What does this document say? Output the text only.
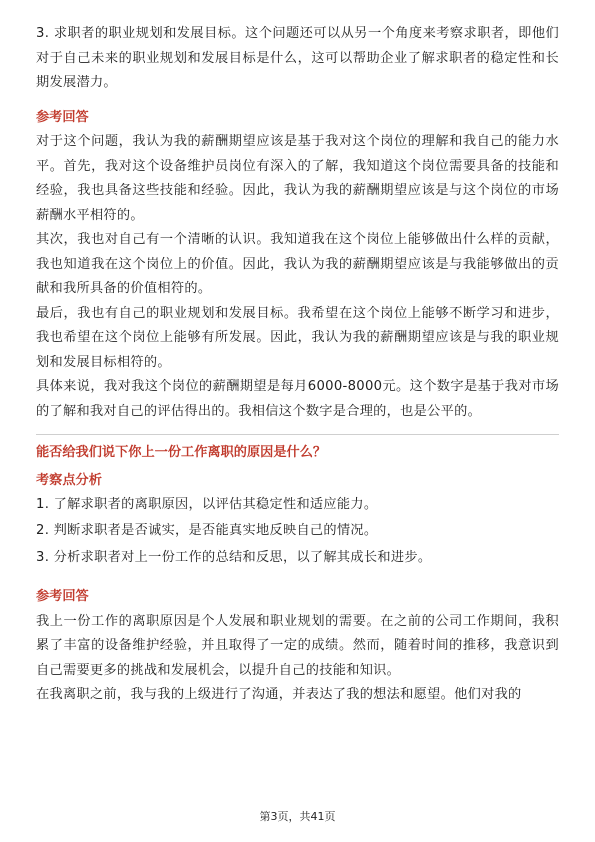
3. 求职者的职业规划和发展目标。这个问题还可以从另一个角度来考察求职者，即他们对于自己未来的职业规划和发展目标是什么，这可以帮助企业了解求职者的稳定性和长期发展潜力。

参考回答

对于这个问题，我认为我的薪酬期望应该是基于我对这个岗位的理解和我自己的能力水平。首先，我对这个设备维护员岗位有深入的了解，我知道这个岗位需要具备的技能和经验，我也具备这些技能和经验。因此，我认为我的薪酬期望应该是与这个岗位的市场薪酬水平相符的。

其次，我也对自己有一个清晰的认识。我知道我在这个岗位上能够做出什么样的贡献，我也知道我在这个岗位上的价值。因此，我认为我的薪酬期望应该是与我能够做出的贡献和我所具备的价值相符的。

最后，我也有自己的职业规划和发展目标。我希望在这个岗位上能够不断学习和进步，我也希望在这个岗位上能够有所发展。因此，我认为我的薪酬期望应该是与我的职业规划和发展目标相符的。

具体来说，我对我这个岗位的薪酬期望是每月6000-8000元。这个数字是基于我对市场的了解和我对自己的评估得出的。我相信这个数字是合理的，也是公平的。

能否给我们说下你上一份工作离职的原因是什么？
考察点分析
1. 了解求职者的离职原因，以评估其稳定性和适应能力。
2. 判断求职者是否诚实，是否能真实地反映自己的情况。
3. 分析求职者对上一份工作的总结和反思，以了解其成长和进步。
参考回答

我上一份工作的离职原因是个人发展和职业规划的需要。在之前的公司工作期间，我积累了丰富的设备维护经验，并且取得了一定的成绩。然而，随着时间的推移，我意识到自己需要更多的挑战和发展机会，以提升自己的技能和知识。

在我离职之前，我与我的上级进行了沟通，并表达了我的想法和愿望。他们对我的

第3页，共41页
